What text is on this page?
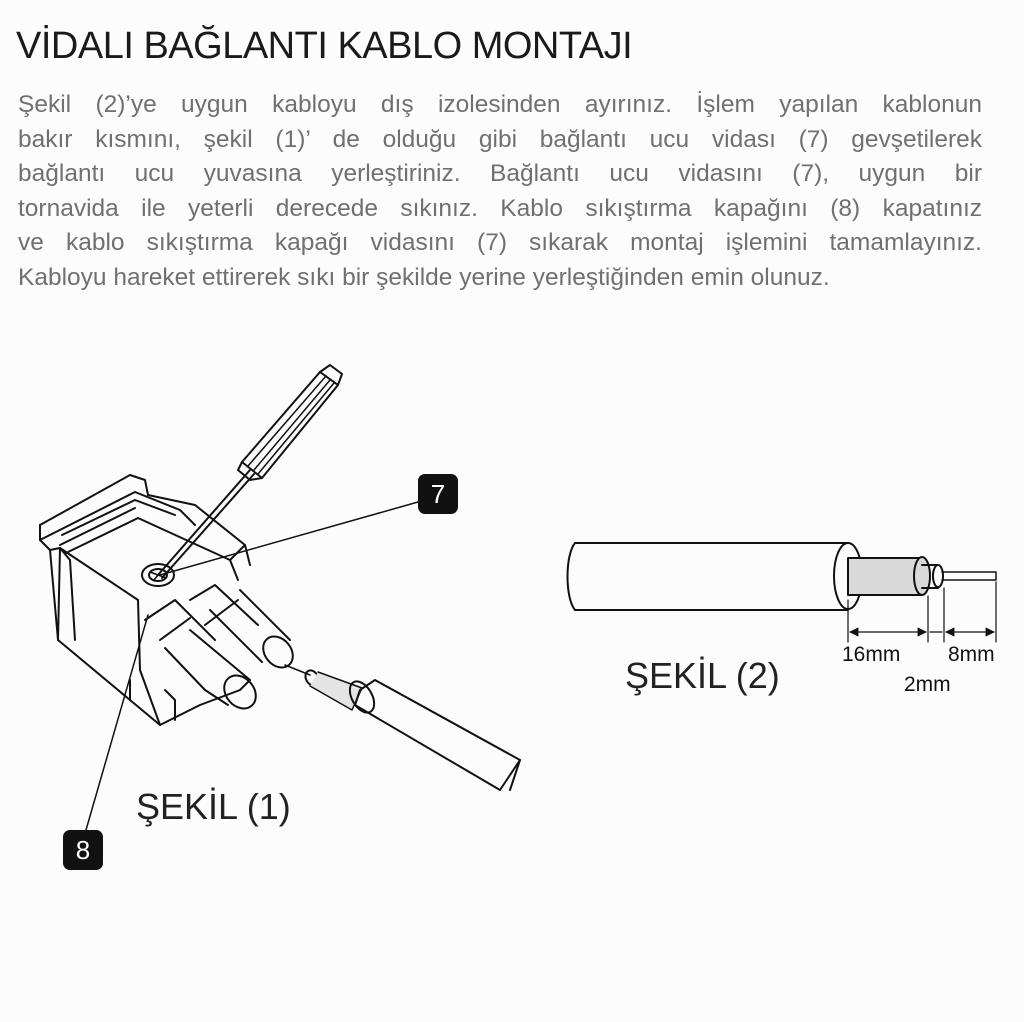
VİDALI BAĞLANTI KABLO MONTAJI
Şekil (2)’ye uygun kabloyu dış izolesinden ayırınız. İşlem yapılan kablonun
bakır kısmını, şekil (1)’ de olduğu gibi bağlantı ucu vidası (7) gevşetilerek
bağlantı ucu yuvasına yerleştiriniz. Bağlantı ucu vidasını (7), uygun bir
tornavida ile yeterli derecede sıkınız. Kablo sıkıştırma kapağını (8) kapatınız
ve kablo sıkıştırma kapağı vidasını (7) sıkarak montaj işlemini tamamlayınız.
Kabloyu hareket ettirerek sıkı bir şekilde yerine yerleştiğinden emin olunuz.
7
8
ŞEKİL (1)
ŞEKİL (2)
16mm 8mm
2mm
